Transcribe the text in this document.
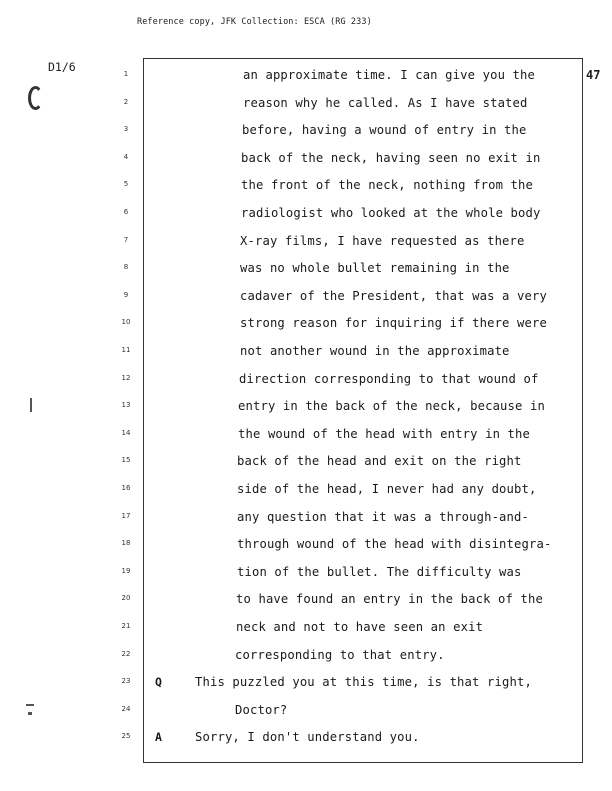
Reference copy, JFK Collection: ESCA (RG 233)
D1/6
47
1	an approximate time. I can give you the
2	reason why he called. As I have stated
3	before, having a wound of entry in the
4	back of the neck, having seen no exit in
5	the front of the neck, nothing from the
6	radiologist who looked at the whole body
7	X-ray films, I have requested as there
8	was no whole bullet remaining in the
9	cadaver of the President, that was a very
10	strong reason for inquiring if there were
11	not another wound in the approximate
12	direction corresponding to that wound of
13	entry in the back of the neck, because in
14	the wound of the head with entry in the
15	back of the head and exit on the right
16	side of the head, I never had any doubt,
17	any question that it was a through-and-
18	through wound of the head with disintegra-
19	tion of the bullet. The difficulty was
20	to have found an entry in the back of the
21	neck and not to have seen an exit
22	corresponding to that entry.
23	Q	This puzzled you at this time, is that right,
24	Doctor?
25	A	Sorry, I don't understand you.
